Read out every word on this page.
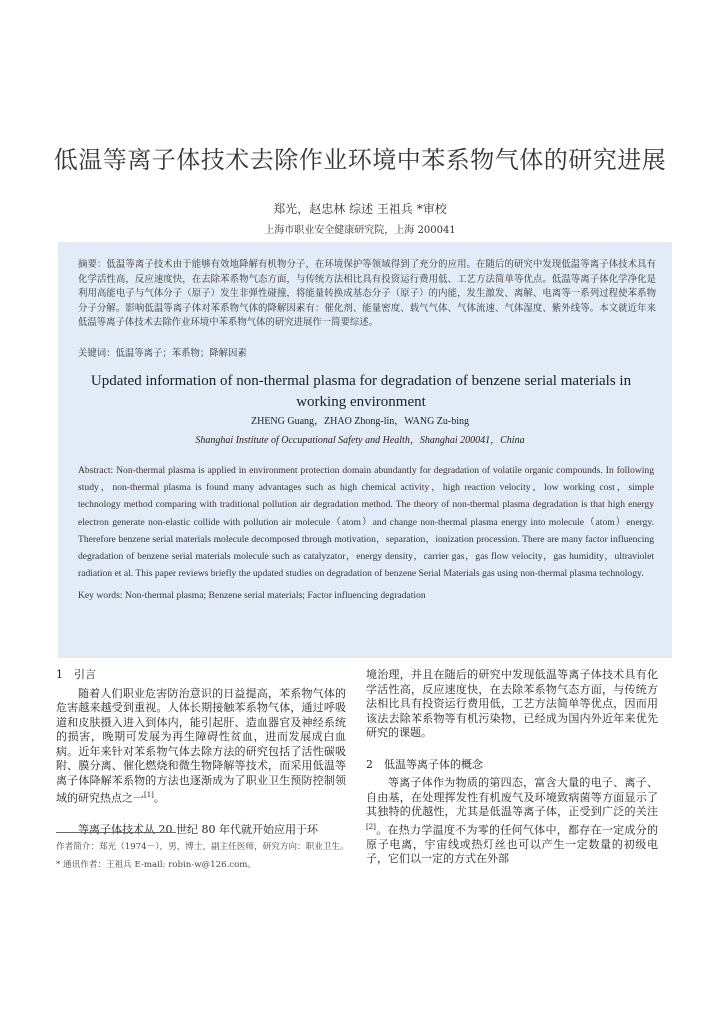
低温等离子体技术去除作业环境中苯系物气体的研究进展
郑光，赵忠林 综述 王祖兵 *审校
上海市职业安全健康研究院，上海 200041
摘要：低温等离子技术由于能够有效地降解有机物分子，在环境保护等领域得到了充分的应用。在随后的研究中发现低温等离子体技术具有化学活性高，反应速度快，在去除苯系物气态方面，与传统方法相比具有投资运行费用低、工艺方法简单等优点。低温等离子体化学净化是利用高能电子与气体分子（原子）发生非弹性碰撞，将能量转换成基态分子（原子）的内能，发生激发、离解、电离等一系列过程使苯系物分子分解。影响低温等离子体对苯系物气体的降解因素有：催化剂、能量密度、载气气体、气体流速、气体湿度、紫外线等。本文就近年来低温等离子体技术去除作业环境中苯系物气体的研究进展作一简要综述。
关键词：低温等离子；苯系物；降解因素
Updated information of non-thermal plasma for degradation of benzene serial materials in working environment
ZHENG Guang，ZHAO Zhong-lin，WANG Zu-bing
Shanghai Institute of Occupational Safety and Health，Shanghai 200041，China
Abstract: Non-thermal plasma is applied in environment protection domain abundantly for degradation of volatile organic compounds. In following study，non-thermal plasma is found many advantages such as high chemical activity，high reaction velocity，low working cost，simple technology method comparing with traditional pollution air degradation method. The theory of non-thermal plasma degradation is that high energy electron generate non-elastic collide with pollution air molecule（atom）and change non-thermal plasma energy into molecule（atom）energy. Therefore benzene serial materials molecule decomposed through motivation，separation，ionization procession. There are many factor influencing degradation of benzene serial materials molecule such as catalyzator，energy density，carrier gas，gas flow velocity，gas humidity，ultraviolet radiation et al. This paper reviews briefly the updated studies on degradation of benzene Serial Materials gas using non-thermal plasma technology.
Key words: Non-thermal plasma; Benzene serial materials; Factor influencing degradation

1　引言

随着人们职业危害防治意识的日益提高，苯系物气体的危害越来越受到重视。人体长期接触苯系物气体，通过呼吸道和皮肤摄入进入到体内，能引起肝、造血器官及神经系统的损害，晚期可发展为再生障碍性贫血，进而发展成白血病。近年来针对苯系物气体去除方法的研究包括了活性碳吸附、膜分离、催化燃烧和微生物降解等技术，而采用低温等离子体降解苯系物的方法也逐渐成为了职业卫生预防控制领域的研究热点之一[1]。

等离子体技术从 20 世纪 80 年代就开始应用于环

作者简介：郑光（1974－），男，博士，副主任医师，研究方向：职业卫生。
* 通讯作者：王祖兵 E-mail: robin-w@126.com。

境治理，并且在随后的研究中发现低温等离子体技术具有化学活性高，反应速度快，在去除苯系物气态方面，与传统方法相比具有投资运行费用低，工艺方法简单等优点，因而用该法去除苯系物等有机污染物，已经成为国内外近年来优先研究的课题。

2　低温等离子体的概念

等离子体作为物质的第四态，富含大量的电子、离子、自由基，在处理挥发性有机废气及环境致病菌等方面显示了其独特的优越性，尤其是低温等离子体，正受到广泛的关注[2]。在热力学温度不为零的任何气体中，都存在一定成分的原子电离，宇宙线或热灯丝也可以产生一定数量的初级电子，它们以一定的方式在外部
